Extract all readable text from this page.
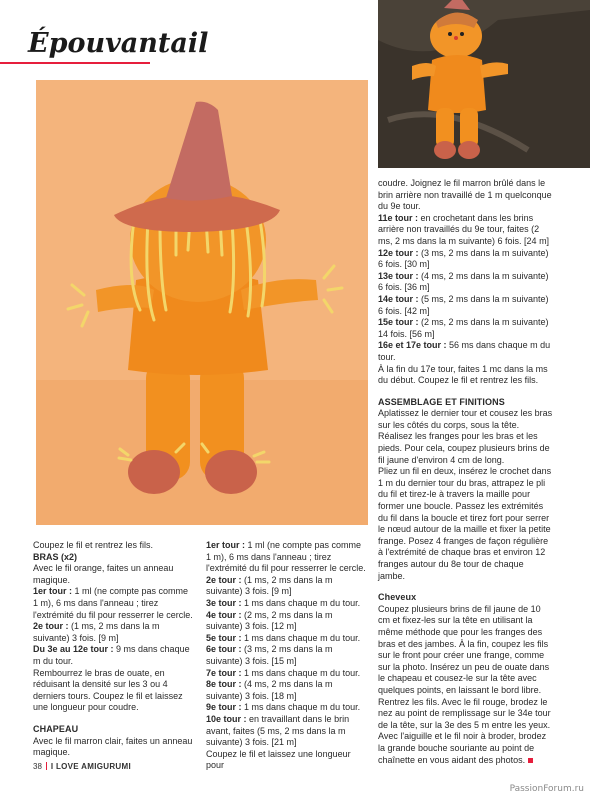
Épouvantail

Coupez le fil et rentrez les fils.

BRAS (x2)

Avec le fil orange, faites un anneau magique.

1er tour : 1 ml (ne compte pas comme 1 m), 6 ms dans l'anneau ; tirez l'extrémité du fil pour resserrer le cercle.

2e tour : (1 ms, 2 ms dans la m suivante) 3 fois. [9 m]

Du 3e au 12e tour : 9 ms dans chaque m du tour.

Rembourrez le bras de ouate, en réduisant la densité sur les 3 ou 4 derniers tours. Coupez le fil et laissez une longueur pour coudre.

CHAPEAU

Avec le fil marron clair, faites un anneau magique.

1er tour : 1 ml (ne compte pas comme 1 m), 6 ms dans l'anneau ; tirez l'extrémité du fil pour resserrer le cercle.

2e tour : (1 ms, 2 ms dans la m suivante) 3 fois. [9 m]

3e tour : 1 ms dans chaque m du tour.

4e tour : (2 ms, 2 ms dans la m suivante) 3 fois. [12 m]

5e tour : 1 ms dans chaque m du tour.

6e tour : (3 ms, 2 ms dans la m suivante) 3 fois. [15 m]

7e tour : 1 ms dans chaque m du tour.

8e tour : (4 ms, 2 ms dans la m suivante) 3 fois. [18 m]

9e tour : 1 ms dans chaque m du tour.

10e tour : en travaillant dans le brin avant, faites (5 ms, 2 ms dans la m suivante) 3 fois. [21 m]

Coupez le fil et laissez une longueur pour

coudre. Joignez le fil marron brûlé dans le brin arrière non travaillé de 1 m quelconque du 9e tour.

11e tour : en crochetant dans les brins arrière non travaillés du 9e tour, faites (2 ms, 2 ms dans la m suivante) 6 fois. [24 m]

12e tour : (3 ms, 2 ms dans la m suivante) 6 fois. [30 m]

13e tour : (4 ms, 2 ms dans la m suivante) 6 fois. [36 m]

14e tour : (5 ms, 2 ms dans la m suivante) 6 fois. [42 m]

15e tour : (2 ms, 2 ms dans la m suivante) 14 fois. [56 m]

16e et 17e tour : 56 ms dans chaque m du tour.

À la fin du 17e tour, faites 1 mc dans la ms du début. Coupez le fil et rentrez les fils.

ASSEMBLAGE ET FINITIONS

Aplatissez le dernier tour et cousez les bras sur les côtés du corps, sous la tête. Réalisez les franges pour les bras et les pieds. Pour cela, coupez plusieurs brins de fil jaune d'environ 4 cm de long.

Pliez un fil en deux, insérez le crochet dans 1 m du dernier tour du bras, attrapez le pli du fil et tirez-le à travers la maille pour former une boucle. Passez les extrémités du fil dans la boucle et tirez fort pour serrer le nœud autour de la maille et fixer la petite frange. Posez 4 franges de façon régulière à l'extrémité de chaque bras et environ 12 franges autour du 8e tour de chaque jambe.

Cheveux

Coupez plusieurs brins de fil jaune de 10 cm et fixez-les sur la tête en utilisant la même méthode que pour les franges des bras et des jambes. À la fin, coupez les fils sur le front pour créer une frange, comme sur la photo. Insérez un peu de ouate dans le chapeau et cousez-le sur la tête avec quelques points, en laissant le bord libre. Rentrez les fils. Avec le fil rouge, brodez le nez au point de remplissage sur le 34e tour de la tête, sur la 3e des 5 m entre les yeux. Avec l'aiguille et le fil noir à broder, brodez la grande bouche souriante au point de chaînette en vous aidant des photos.

38 I LOVE AMIGURUMI
PassionForum.ru
